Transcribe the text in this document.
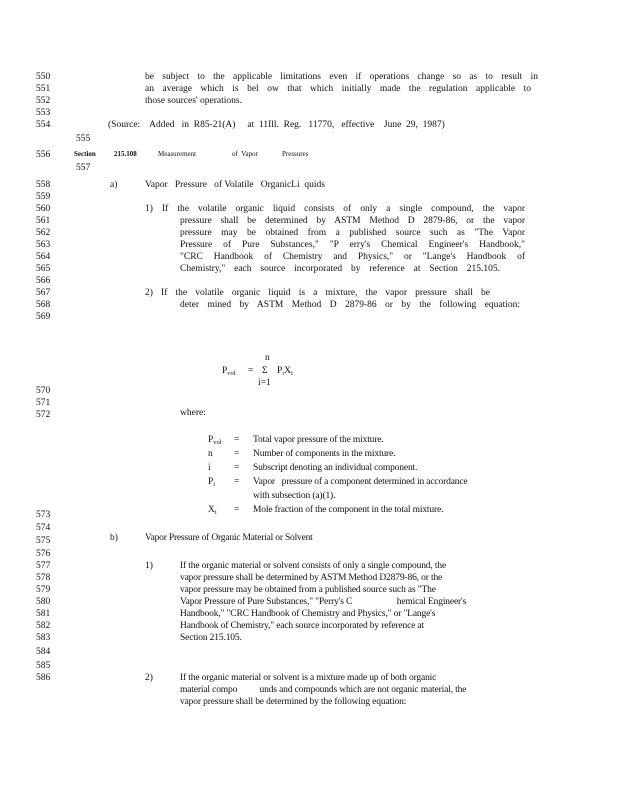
550
551
552
553
554
556
558
559
560
561
562
563
564
565
566
567
568
569
570
571
572
573
574
575
576
577
578
579
580
581
582
583
584
585
586
555
557
be subject to the applicable limitations even if operations change so as to result in
an average which is bel ow that which initially made the regulation applicable to
those sources' operations.
(Source:    Added   in  R85-21(A)     at  11Ill.  Reg.   11770,   effective    June  29,  1987)
Section	215.108	Measurement	of  Vapor	Pressures
a)	Vapor   Pressure   of Volatile   OrganicLi  quids
1) If the volatile organic liquid consists of only a single compound, the vapor
pressure shall be determined by ASTM Method D 2879-86, or the vapor
pressure may be obtained from a published source such as "The Vapor
Pressure of Pure Substances," "P erry's Chemical Engineer's Handbook,"
"CRC Handbook of Chemistry and Physics," or "Lange's Handbook of
Chemistry," each source incorporated by reference at Section 215.105.
2) If the volatile organic liquid is a mixture, the vapor pressure shall be
deter mined by ASTM Method D 2879-86 or by the following equation:
n
$P_{vol} = \Sigma$ $P_iX_i$
i=1
where:
$P_{vol}$ = Total vapor pressure of the mixture.
n = Number of components in the mixture.
i = Subscript denoting an individual component.
$P_i$ = Vapor   pressure of a component determined in accordance
with subsection (a)(1).
$X_i$ = Mole fraction of the component in the total mixture.
b)	Vapor Pressure of Organic Material or Solvent
1)	If the organic material or solvent consists of only a single compound, the
vapor pressure shall be determined by ASTM Method D2879-86, or the
vapor pressure may be obtained from a published source such as "The
Vapor Pressure of Pure Substances," "Perry's C                    hemical Engineer's
Handbook," "CRC Handbook of Chemistry and Physics," or "Lange's
Handbook of Chemistry," each source incorporated by reference at
Section 215.105.
2)	If the organic material or solvent is a mixture made up of both organic
material compo          unds and compounds which are not organic material, the
vapor pressure shall be determined by the following equation:
